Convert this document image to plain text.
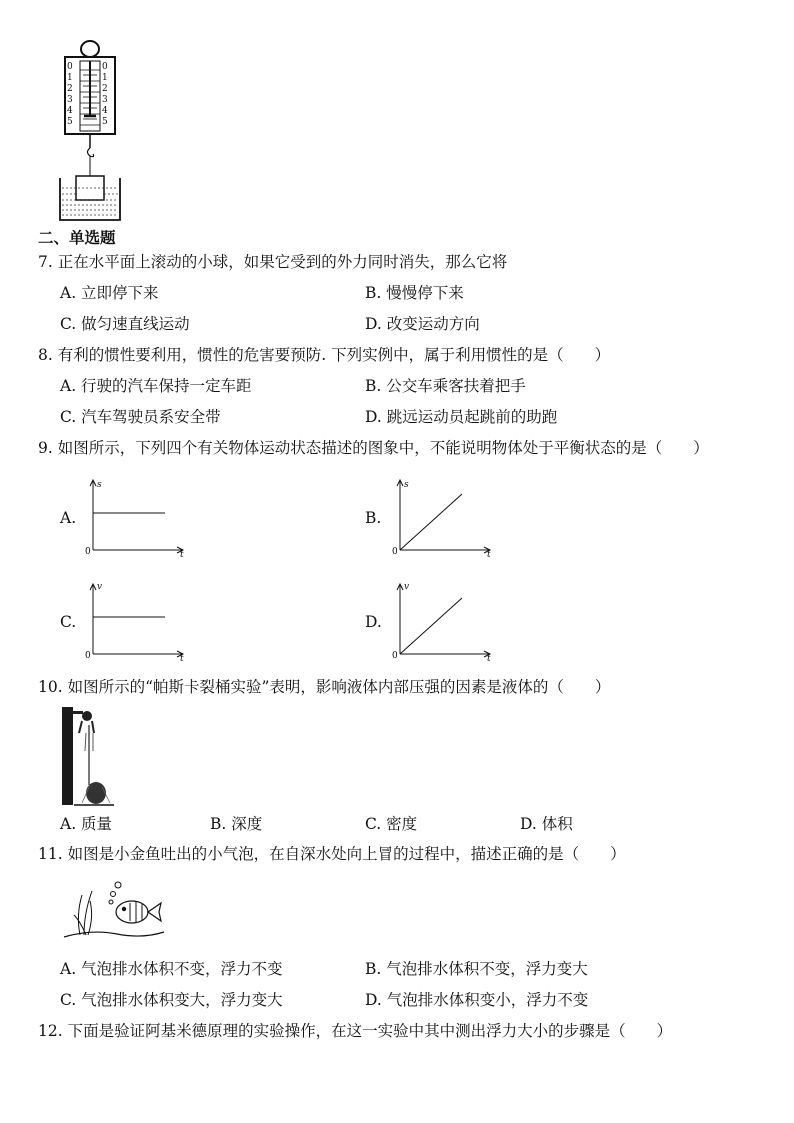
0
1
2
3
4
5
0
1
2
3
4
5
二、单选题
7. 正在水平面上滚动的小球，如果它受到的外力同时消失，那么它将
A. 立即停下来	B. 慢慢停下来
C. 做匀速直线运动	D. 改变运动方向
8. 有利的惯性要利用，惯性的危害要预防. 下列实例中，属于利用惯性的是（　　）
A. 行驶的汽车保持一定车距	B. 公交车乘客扶着把手
C. 汽车驾驶员系安全带	D. 跳远运动员起跳前的助跑
9. 如图所示，下列四个有关物体运动状态描述的图象中，不能说明物体处于平衡状态的是（　　）
A.	B.
C.	D.
s
t
0
s
t
0
v
t
0
v
t
0
10. 如图所示的“帕斯卡裂桶实验”表明，影响液体内部压强的因素是液体的（　　）
A. 质量	B. 深度	C. 密度	D. 体积
11. 如图是小金鱼吐出的小气泡，在自深水处向上冒的过程中，描述正确的是（　　）
A. 气泡排水体积不变，浮力不变	B. 气泡排水体积不变，浮力变大
C. 气泡排水体积变大，浮力变大	D. 气泡排水体积变小，浮力不变
12. 下面是验证阿基米德原理的实验操作，在这一实验中其中测出浮力大小的步骤是（　　）
